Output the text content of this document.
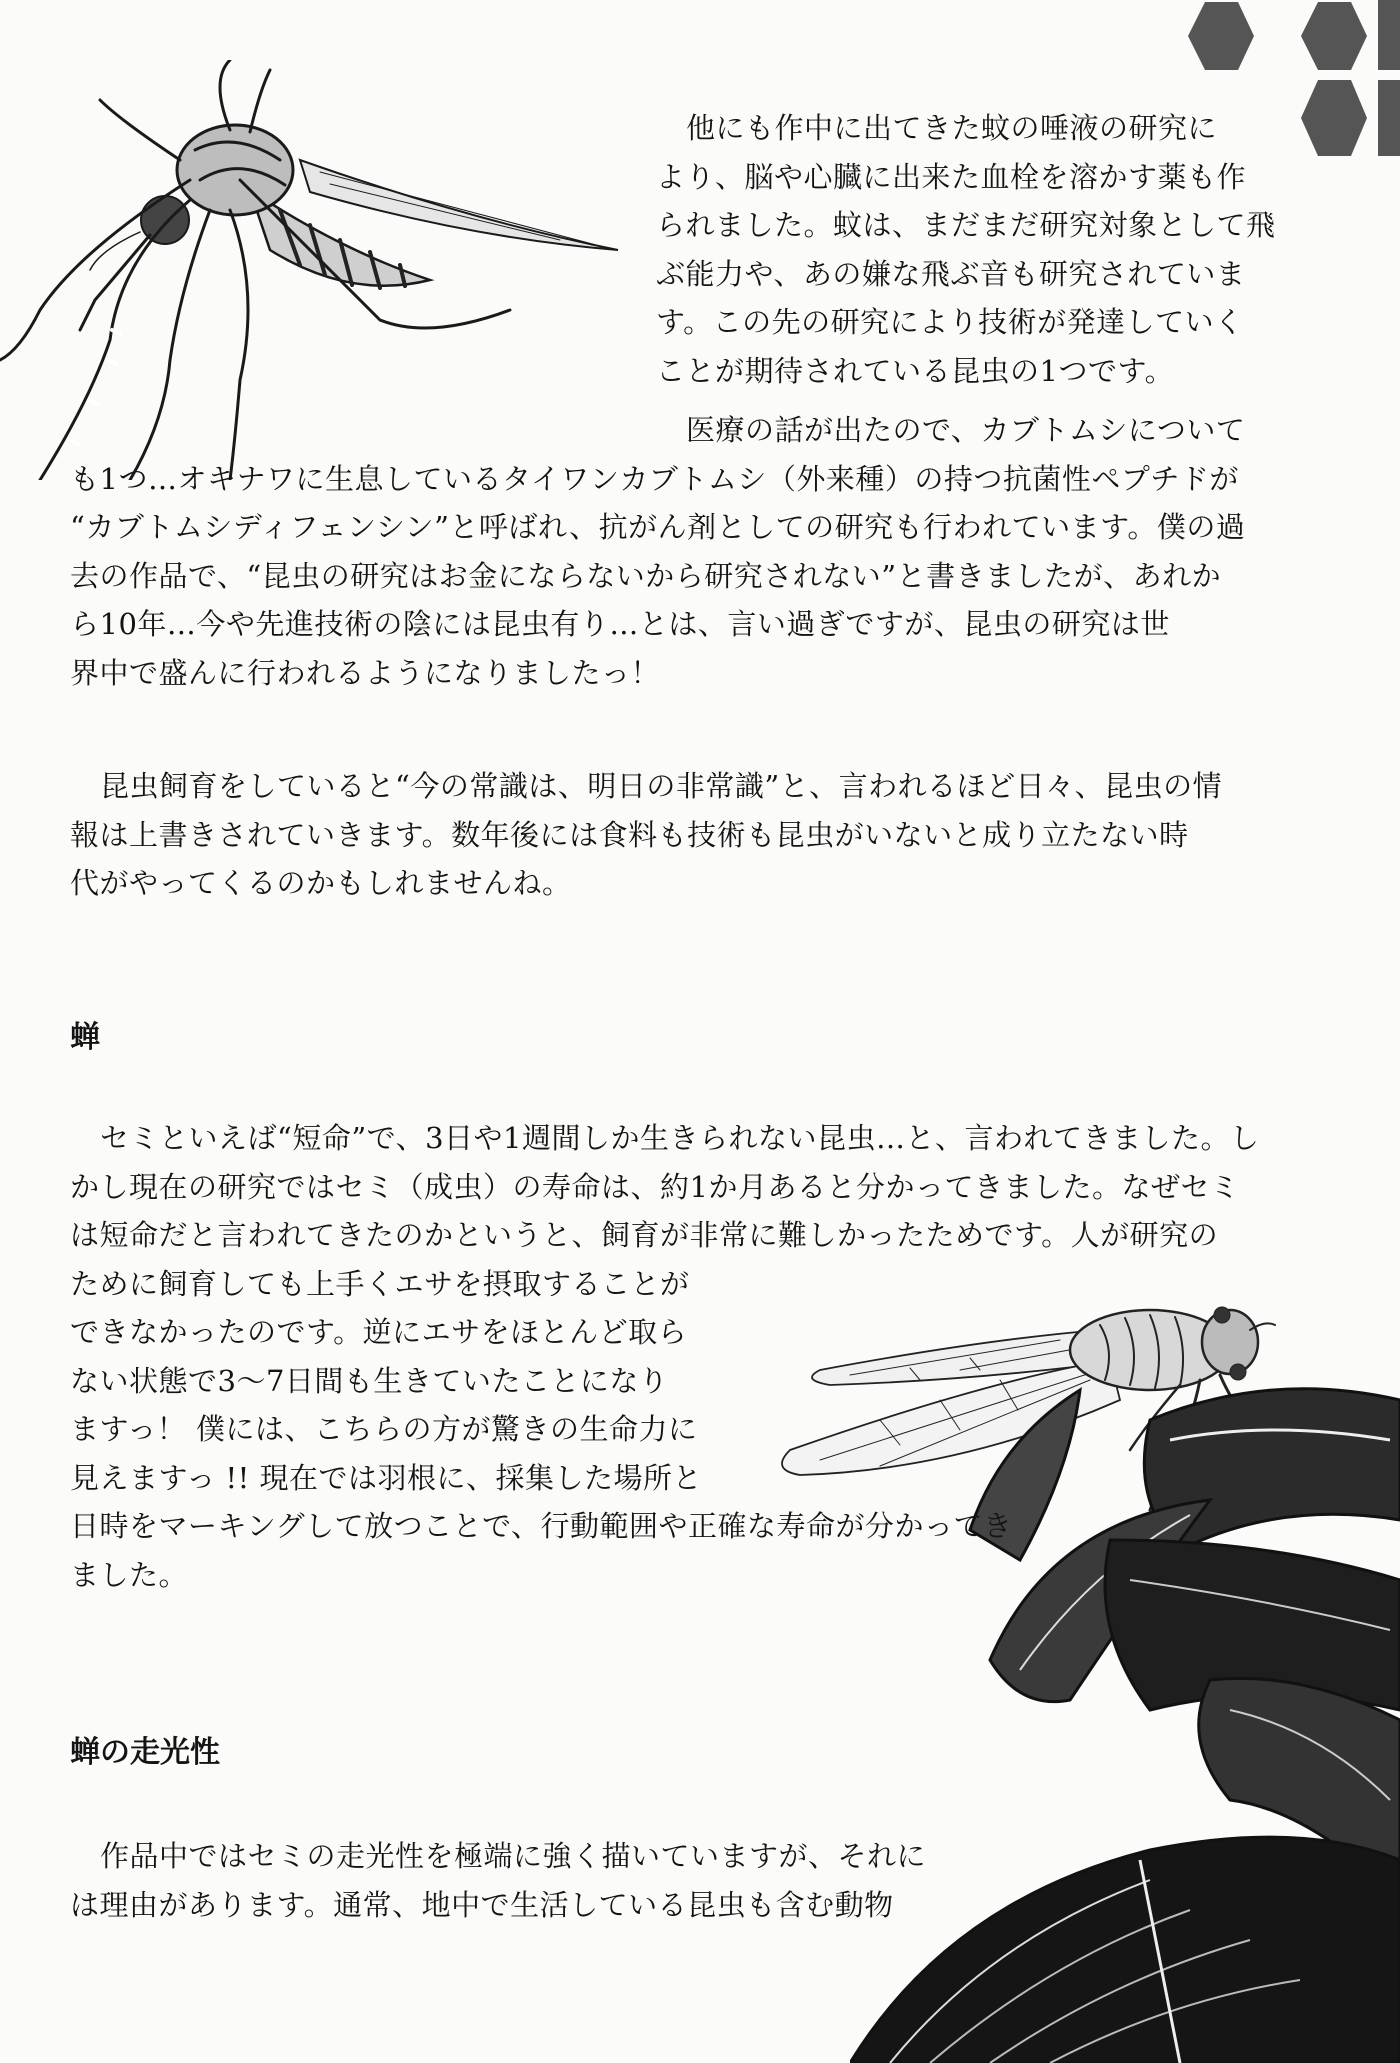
他にも作中に出てきた蚊の唾液の研究に
より、脳や心臓に出来た血栓を溶かす薬も作
られました。蚊は、まだまだ研究対象として飛
ぶ能力や、あの嫌な飛ぶ音も研究されていま
す。この先の研究により技術が発達していく
ことが期待されている昆虫の1つです。

医療の話が出たので、カブトムシについて
も1つ…オキナワに生息しているタイワンカブトムシ（外来種）の持つ抗菌性ペプチドが
“カブトムシディフェンシン”と呼ばれ、抗がん剤としての研究も行われています。僕の過
去の作品で、“昆虫の研究はお金にならないから研究されない”と書きましたが、あれか
ら10年…今や先進技術の陰には昆虫有り…とは、言い過ぎですが、昆虫の研究は世
界中で盛んに行われるようになりましたっ！

昆虫飼育をしていると“今の常識は、明日の非常識”と、言われるほど日々、昆虫の情
報は上書きされていきます。数年後には食料も技術も昆虫がいないと成り立たない時
代がやってくるのかもしれませんね。

蝉

セミといえば“短命”で、3日や1週間しか生きられない昆虫…と、言われてきました。し
かし現在の研究ではセミ（成虫）の寿命は、約1か月あると分かってきました。なぜセミ
は短命だと言われてきたのかというと、飼育が非常に難しかったためです。人が研究の
ために飼育しても上手くエサを摂取することが
できなかったのです。逆にエサをほとんど取ら
ない状態で3〜7日間も生きていたことになり
ますっ！ 僕には、こちらの方が驚きの生命力に
見えますっ !! 現在では羽根に、採集した場所と
日時をマーキングして放つことで、行動範囲や正確な寿命が分かってき
ました。

蝉の走光性

作品中ではセミの走光性を極端に強く描いていますが、それに
は理由があります。通常、地中で生活している昆虫も含む動物
